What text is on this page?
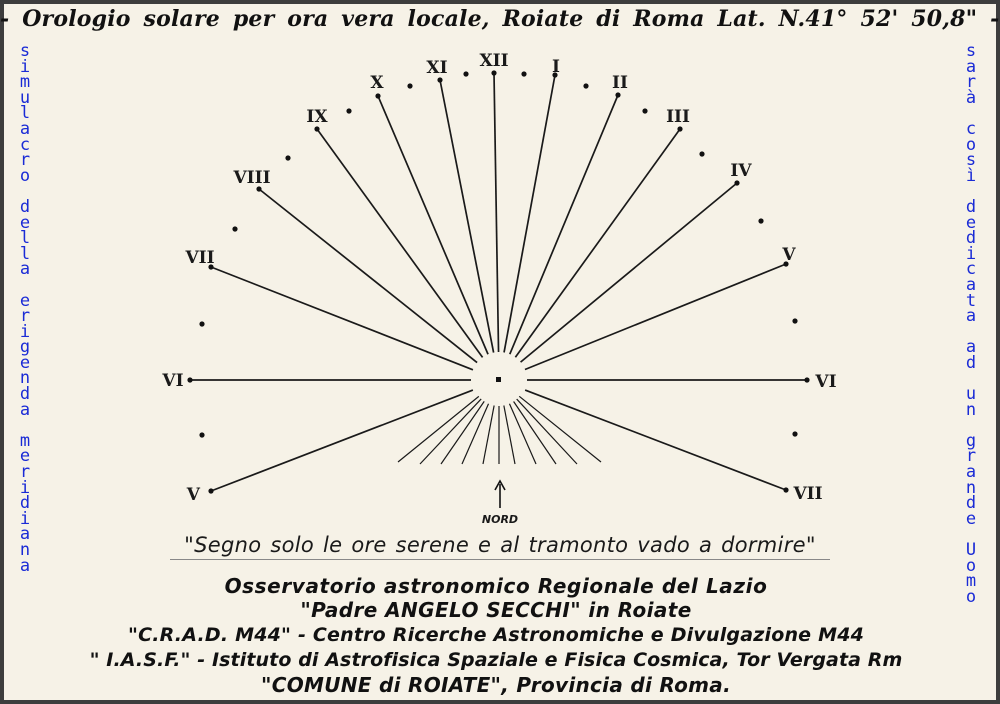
- Orologio solare per ora vera locale, Roiate di Roma Lat. N.41° 52' 50,8" -
s
i
m
u
l
a
c
r
o

d
e
l
l
a

e
r
i
g
e
n
d
a

m
e
r
i
d
i
a
n
a
s
a
r
à

c
o
s
ì

d
e
d
i
c
a
t
a

a
d

u
n

g
r
a
n
d
e

U
o
m
o
V
VI
VII
VIII
IX
X
XI XII	I
II
III
IV
V
VI
VII
NORD
"Segno solo le ore serene e al tramonto vado a dormire"
Osservatorio astronomico Regionale del Lazio
"Padre ANGELO SECCHI" in Roiate
"C.R.A.D. M44" - Centro Ricerche Astronomiche e Divulgazione M44
" I.A.S.F." - Istituto di Astrofisica Spaziale e Fisica Cosmica, Tor Vergata Rm
"COMUNE di ROIATE", Provincia di Roma.
